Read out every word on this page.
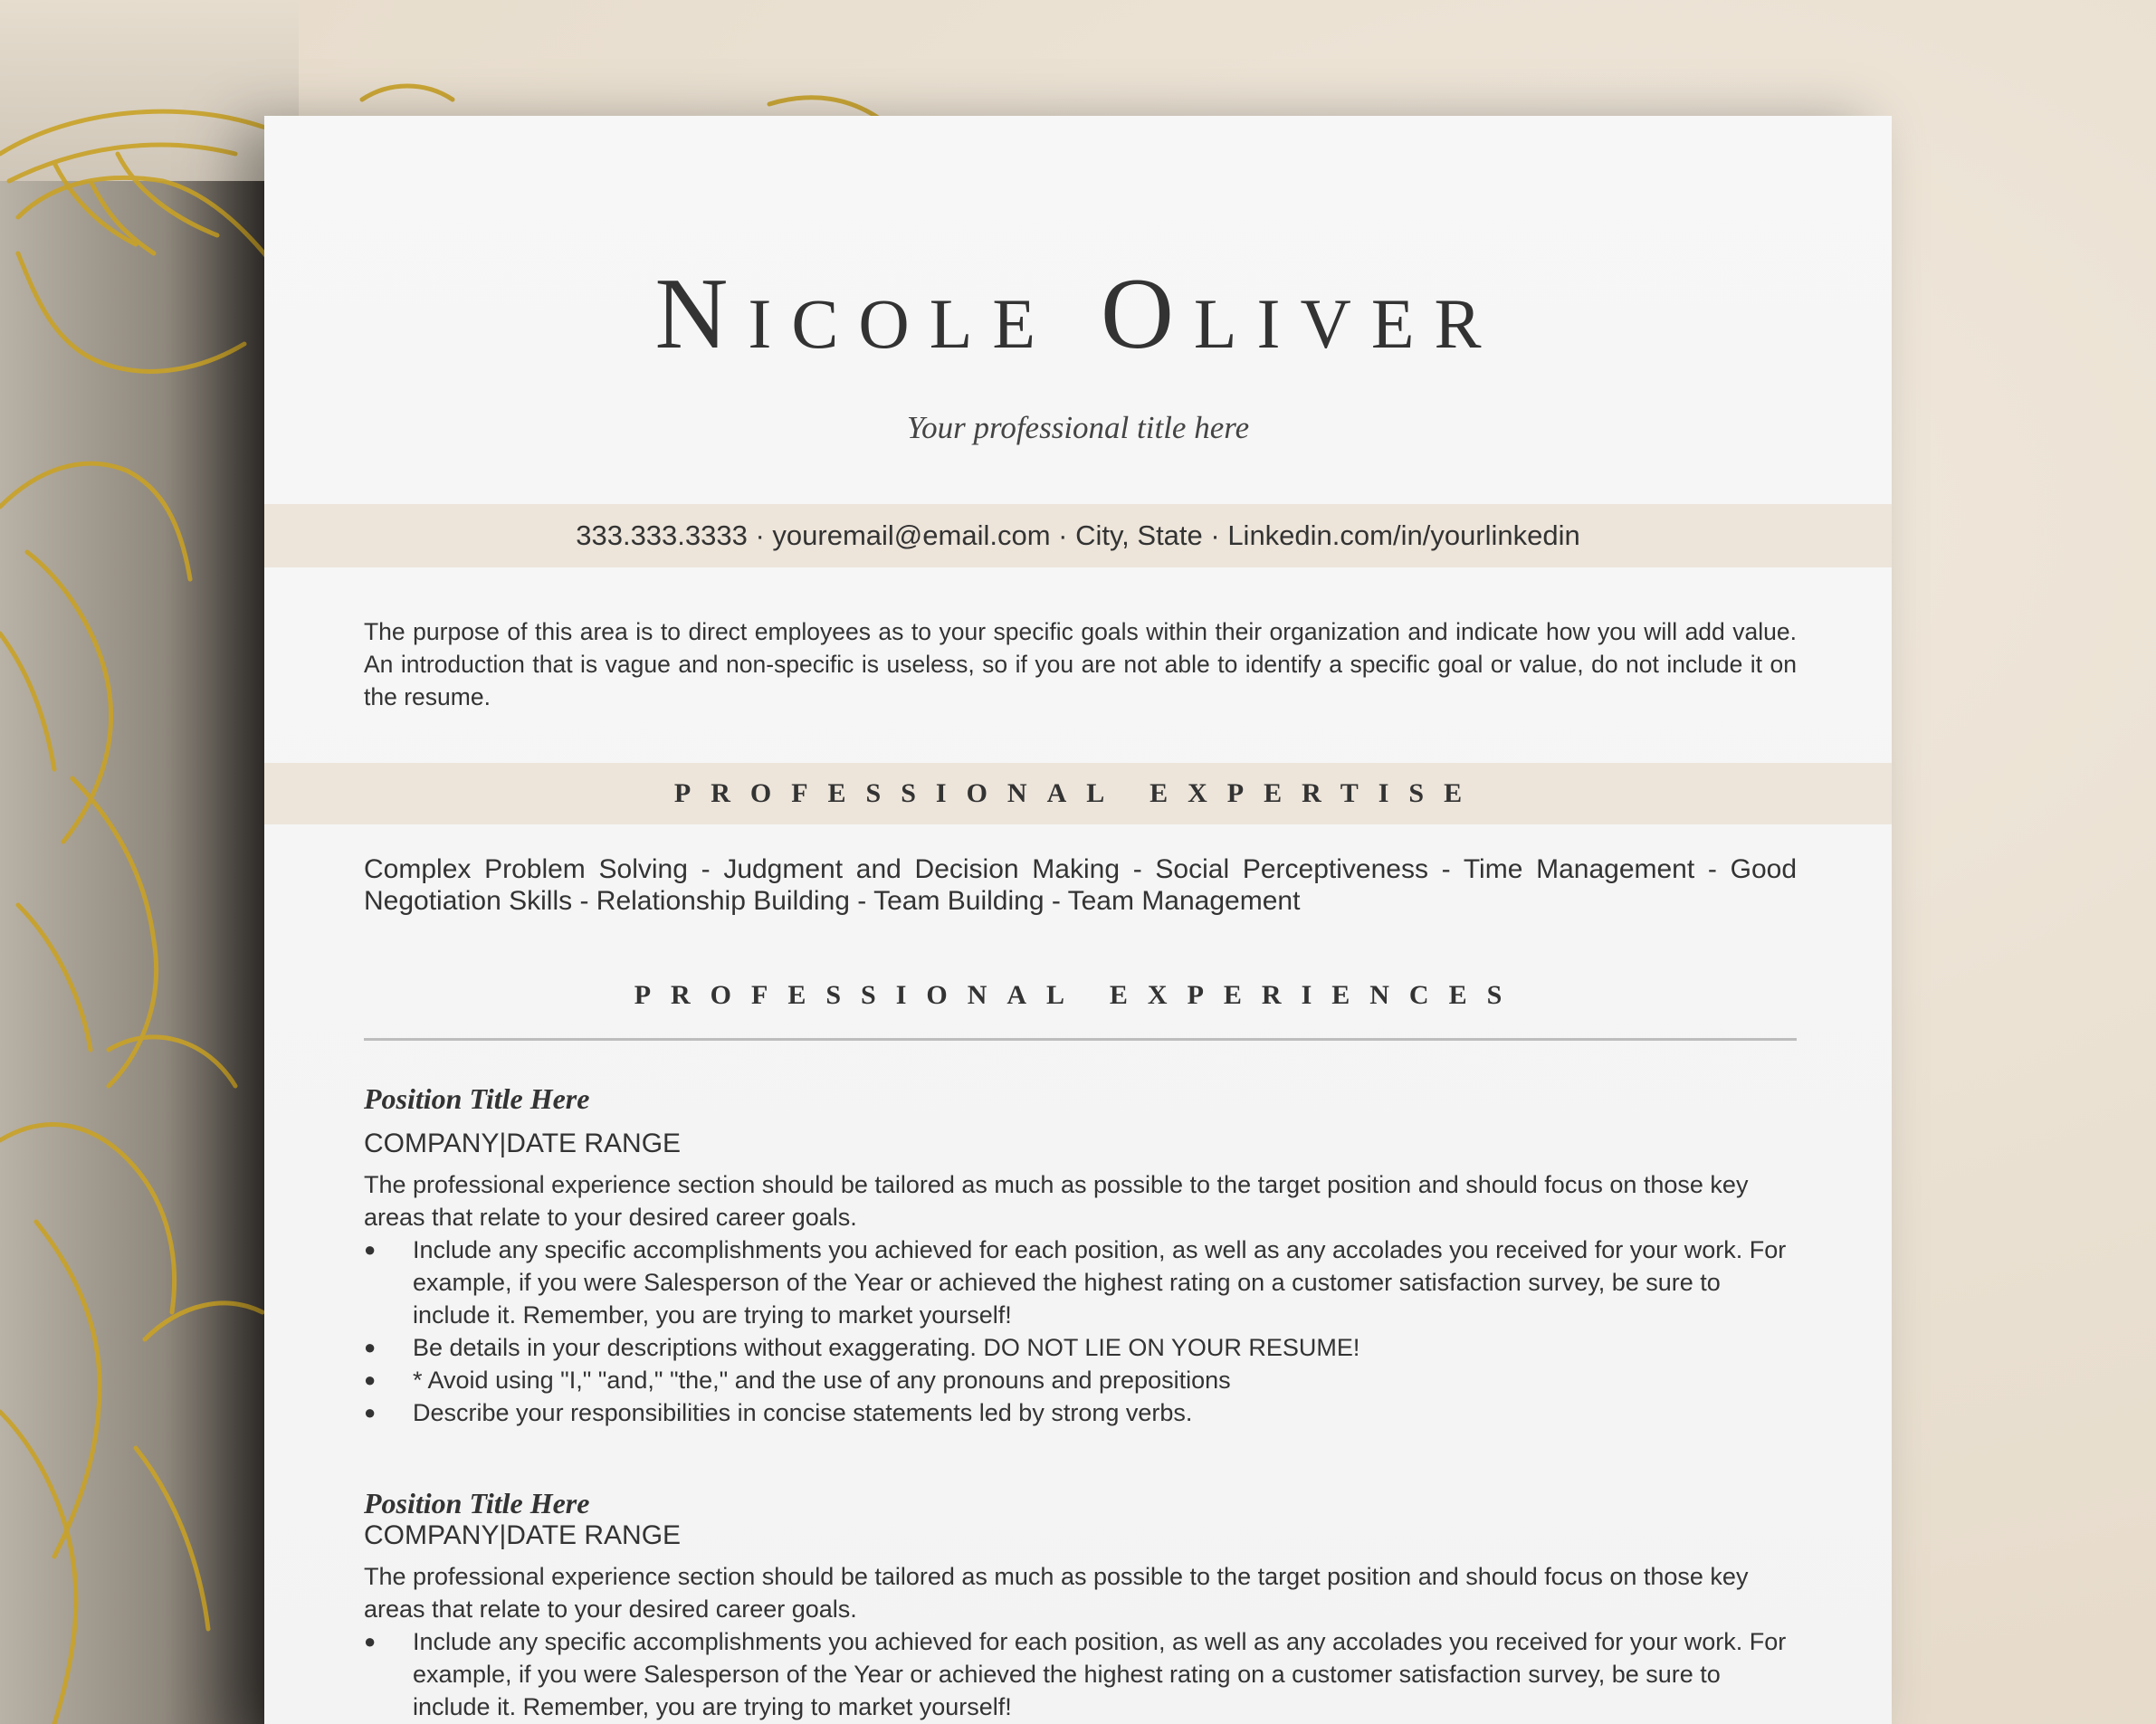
Nicole Oliver
Your professional title here
333.333.3333 · youremail@email.com · City, State · Linkedin.com/in/yourlinkedin
The purpose of this area is to direct employees as to your specific goals within their organization and indicate how you will add value. An introduction that is vague and non-specific is useless, so if you are not able to identify a specific goal or value, do not include it on the resume.
PROFESSIONAL EXPERTISE
Complex Problem Solving - Judgment and Decision Making - Social Perceptiveness - Time Management - Good Negotiation Skills - Relationship Building - Team Building - Team Management
PROFESSIONAL EXPERIENCES
Position Title Here
COMPANY|DATE RANGE
The professional experience section should be tailored as much as possible to the target position and should focus on those key areas that relate to your desired career goals.
● Include any specific accomplishments you achieved for each position, as well as any accolades you received for your work. For example, if you were Salesperson of the Year or achieved the highest rating on a customer satisfaction survey, be sure to include it. Remember, you are trying to market yourself!
● Be details in your descriptions without exaggerating. DO NOT LIE ON YOUR RESUME!
● * Avoid using "I," "and," "the," and the use of any pronouns and prepositions
● Describe your responsibilities in concise statements led by strong verbs.
Position Title Here
COMPANY|DATE RANGE
The professional experience section should be tailored as much as possible to the target position and should focus on those key areas that relate to your desired career goals.
● Include any specific accomplishments you achieved for each position, as well as any accolades you received for your work. For example, if you were Salesperson of the Year or achieved the highest rating on a customer satisfaction survey, be sure to include it. Remember, you are trying to market yourself!
